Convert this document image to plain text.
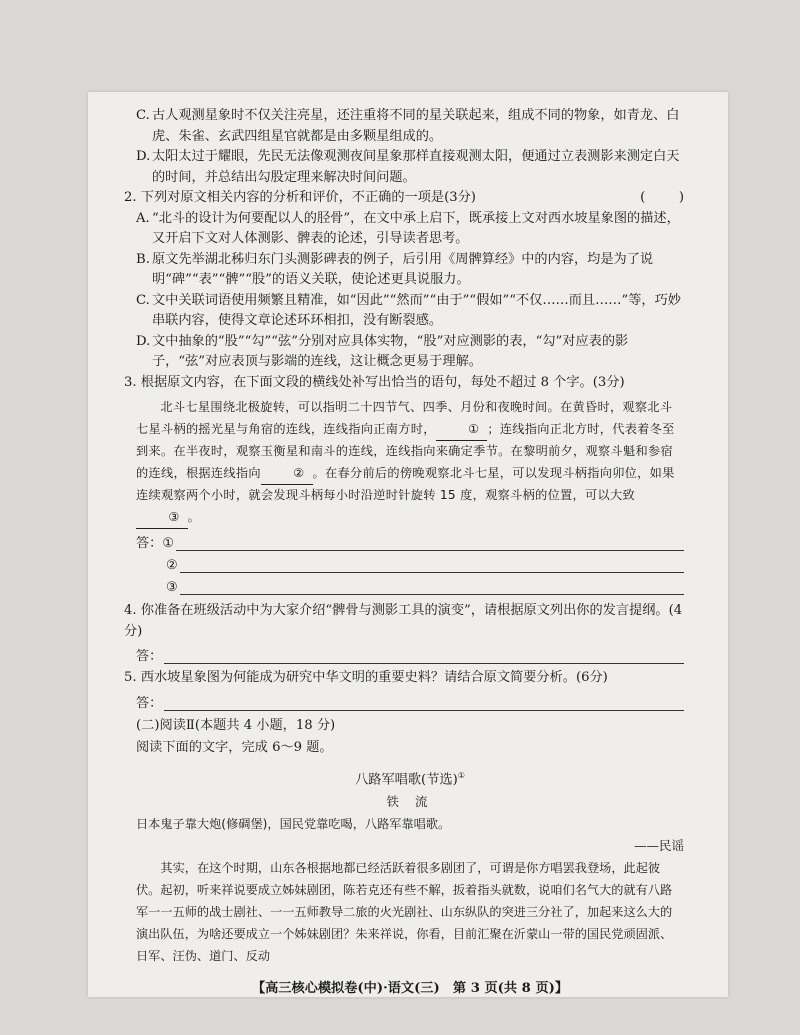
C. 古人观测星象时不仅关注亮星，还注重将不同的星关联起来，组成不同的物象，如青龙、白虎、朱雀、玄武四组星官就都是由多颗星组成的。
D. 太阳太过于耀眼，先民无法像观测夜间星象那样直接观测太阳，便通过立表测影来测定白天的时间，并总结出勾股定理来解决时间问题。
2. 下列对原文相关内容的分析和评价，不正确的一项是(3分)	(        )
A. “北斗的设计为何要配以人的胫骨”，在文中承上启下，既承接上文对西水坡星象图的描述，又开启下文对人体测影、髀表的论述，引导读者思考。
B. 原文先举湖北秭归东门头测影碑表的例子，后引用《周髀算经》中的内容，均是为了说明“碑”“表”“髀”“股”的语义关联，使论述更具说服力。
C. 文中关联词语使用频繁且精准，如“因此”“然而”“由于”“假如”“不仅……而且……”等，巧妙串联内容，使得文章论述环环相扣，没有断裂感。
D. 文中抽象的“股”“勾”“弦”分别对应具体实物，“股”对应测影的表，“勾”对应表的影子，“弦”对应表顶与影端的连线，这让概念更易于理解。
3. 根据原文内容，在下面文段的横线处补写出恰当的语句，每处不超过 8 个字。(3分)

北斗七星围绕北极旋转，可以指明二十四节气、四季、月份和夜晚时间。在黄昏时，观察北斗七星斗柄的摇光星与角宿的连线，连线指向正南方时，	① ；连线指向正北方时，代表着冬至到来。在半夜时，观察玉衡星和南斗的连线，连线指向来确定季节。在黎明前夕，观察斗魁和参宿的连线，根据连线指向	② 。在春分前后的傍晚观察北斗七星，可以发现斗柄指向卯位，如果连续观察两个小时，就会发现斗柄每小时沿逆时针旋转 15 度，观察斗柄的位置，可以大致③ 。

答： ①
②
③
4. 你准备在班级活动中为大家介绍“髀骨与测影工具的演变”，请根据原文列出你的发言提纲。(4分)
答：
5. 西水坡星象图为何能成为研究中华文明的重要史料？请结合原文简要分析。(6分)
答：
(二)阅读Ⅱ(本题共 4 小题，18 分)
阅读下面的文字，完成 6～9 题。
八路军唱歌(节选)①
铁 流
日本鬼子靠大炮(修碉堡)，国民党靠吃喝，八路军靠唱歌。
——民谣

其实，在这个时期，山东各根据地都已经活跃着很多剧团了，可谓是你方唱罢我登场，此起彼伏。起初，听来祥说要成立姊妹剧团，陈若克还有些不解，扳着指头就数，说咱们名气大的就有八路军一一五师的战士剧社、一一五师教导二旅的火光剧社、山东纵队的突进三分社了，加起来这么大的演出队伍，为啥还要成立一个姊妹剧团？朱来祥说，你看，目前汇聚在沂蒙山一带的国民党顽固派、日军、汪伪、道门、反动

【高三核心模拟卷(中)·语文(三)　第 3 页(共 8 页)】
